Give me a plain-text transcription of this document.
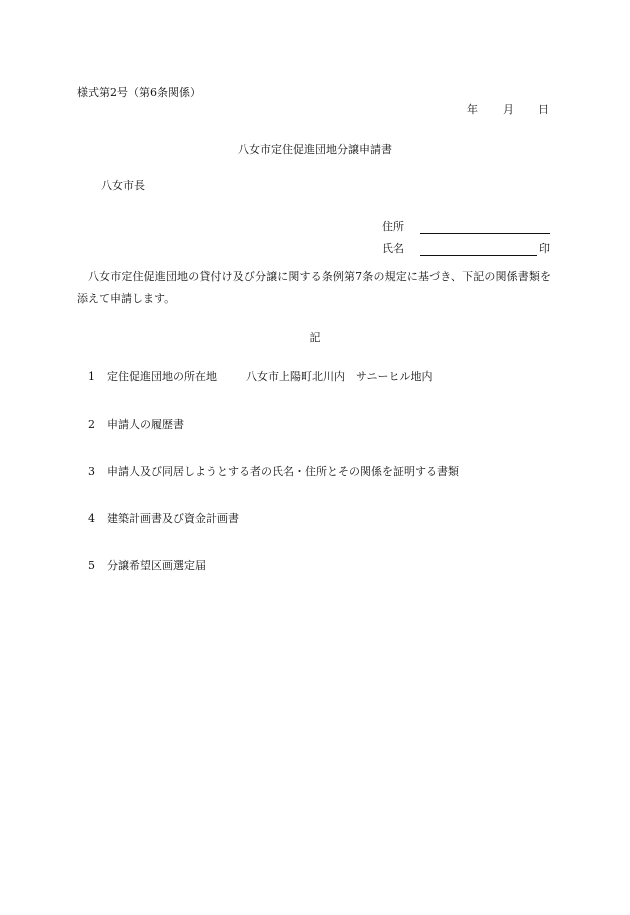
様式第2号（第6条関係）
年 月 日
八女市定住促進団地分譲申請書
八女市長
住所
氏名	印
八女市定住促進団地の貸付け及び分譲に関する条例第7条の規定に基づき、下記の関係書類を添えて申請します。
記
1 定住促進団地の所在地	八女市上陽町北川内　サニーヒル地内
2 申請人の履歴書
3 申請人及び同居しようとする者の氏名・住所とその関係を証明する書類
4 建築計画書及び資金計画書
5 分譲希望区画選定届
